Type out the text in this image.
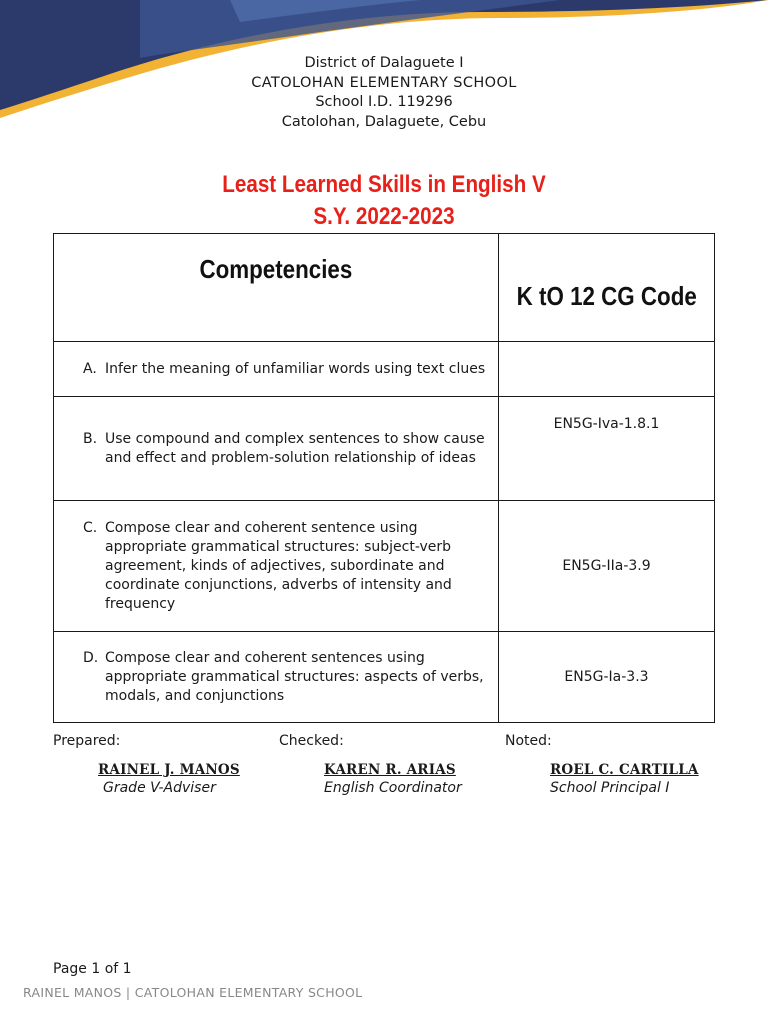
District of Dalaguete I
CATOLOHAN ELEMENTARY SCHOOL
School I.D. 119296
Catolohan, Dalaguete, Cebu
Least Learned Skills in English V
S.Y. 2022-2023
Competencies	K tO 12 CG Code

A. Infer the meaning of unfamiliar words using text clues	

B. Use compound and complex sentences to show cause and effect and problem-solution relationship of ideas	EN5G-Iva-1.8.1

C. Compose clear and coherent sentence using appropriate grammatical structures: subject-verb agreement, kinds of adjectives, subordinate and coordinate conjunctions, adverbs of intensity and frequency	EN5G-IIa-3.9

D. Compose clear and coherent sentences using appropriate grammatical structures: aspects of verbs, modals, and conjunctions	EN5G-Ia-3.3
Prepared:
RAINEL J. MANOS
Grade V-Adviser
Checked:
KAREN R. ARIAS
English Coordinator
Noted:
ROEL C. CARTILLA
School Principal I
Page 1 of 1
RAINEL MANOS | CATOLOHAN ELEMENTARY SCHOOL
